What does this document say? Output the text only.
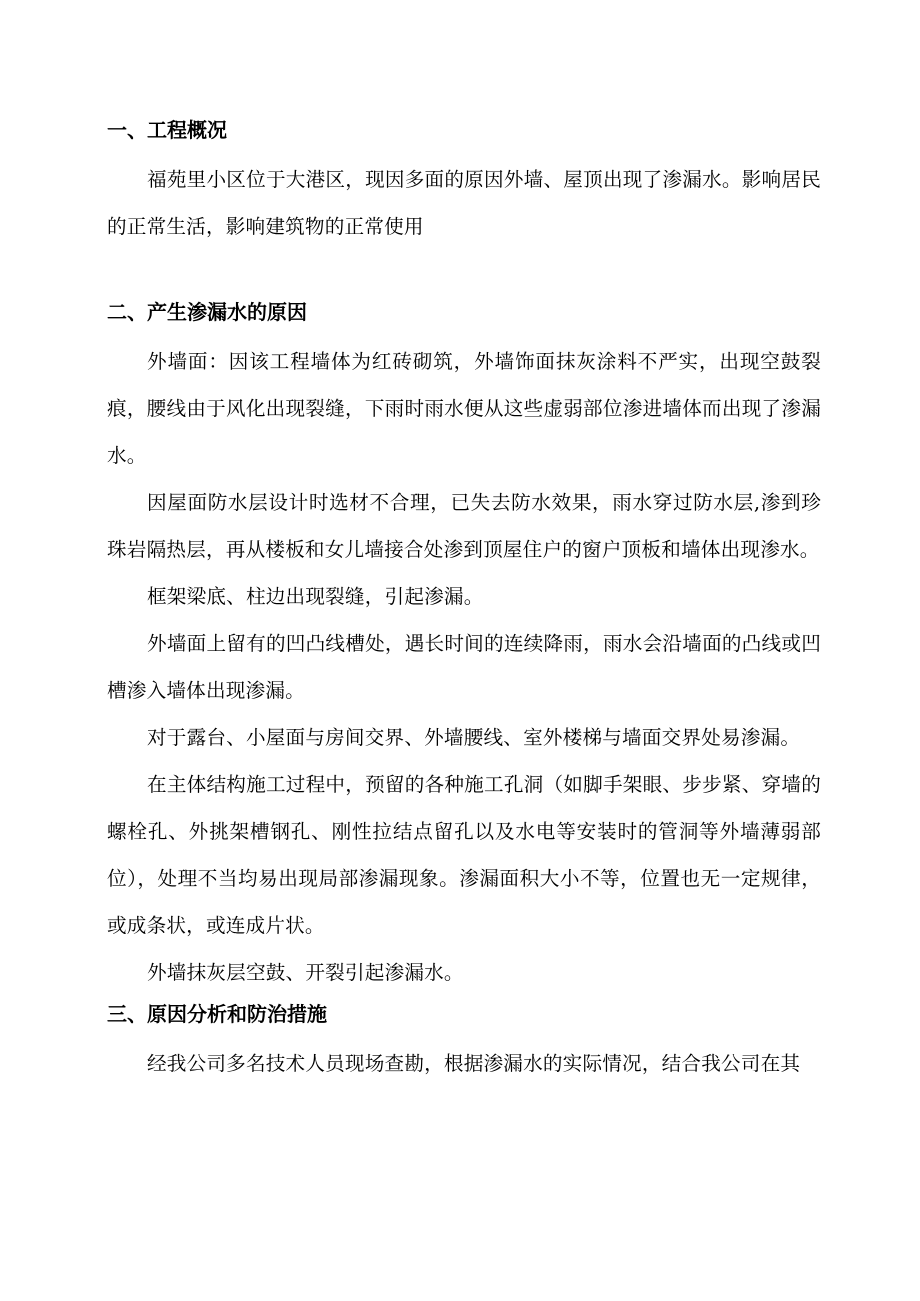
一、工程概况

福苑里小区位于大港区，现因多面的原因外墙、屋顶出现了渗漏水。影响居民的正常生活，影响建筑物的正常使用

二、产生渗漏水的原因

外墙面：因该工程墙体为红砖砌筑，外墙饰面抹灰涂料不严实，出现空鼓裂痕，腰线由于风化出现裂缝，下雨时雨水便从这些虚弱部位渗进墙体而出现了渗漏水。

因屋面防水层设计时选材不合理，已失去防水效果，雨水穿过防水层,渗到珍珠岩隔热层，再从楼板和女儿墙接合处渗到顶屋住户的窗户顶板和墙体出现渗水。

框架梁底、柱边出现裂缝，引起渗漏。

外墙面上留有的凹凸线槽处，遇长时间的连续降雨，雨水会沿墙面的凸线或凹槽渗入墙体出现渗漏。

对于露台、小屋面与房间交界、外墙腰线、室外楼梯与墙面交界处易渗漏。

在主体结构施工过程中，预留的各种施工孔洞（如脚手架眼、步步紧、穿墙的螺栓孔、外挑架槽钢孔、刚性拉结点留孔以及水电等安装时的管洞等外墙薄弱部位），处理不当均易出现局部渗漏现象。渗漏面积大小不等，位置也无一定规律，或成条状，或连成片状。

外墙抹灰层空鼓、开裂引起渗漏水。

三、原因分析和防治措施

经我公司多名技术人员现场查勘，根据渗漏水的实际情况，结合我公司在其
